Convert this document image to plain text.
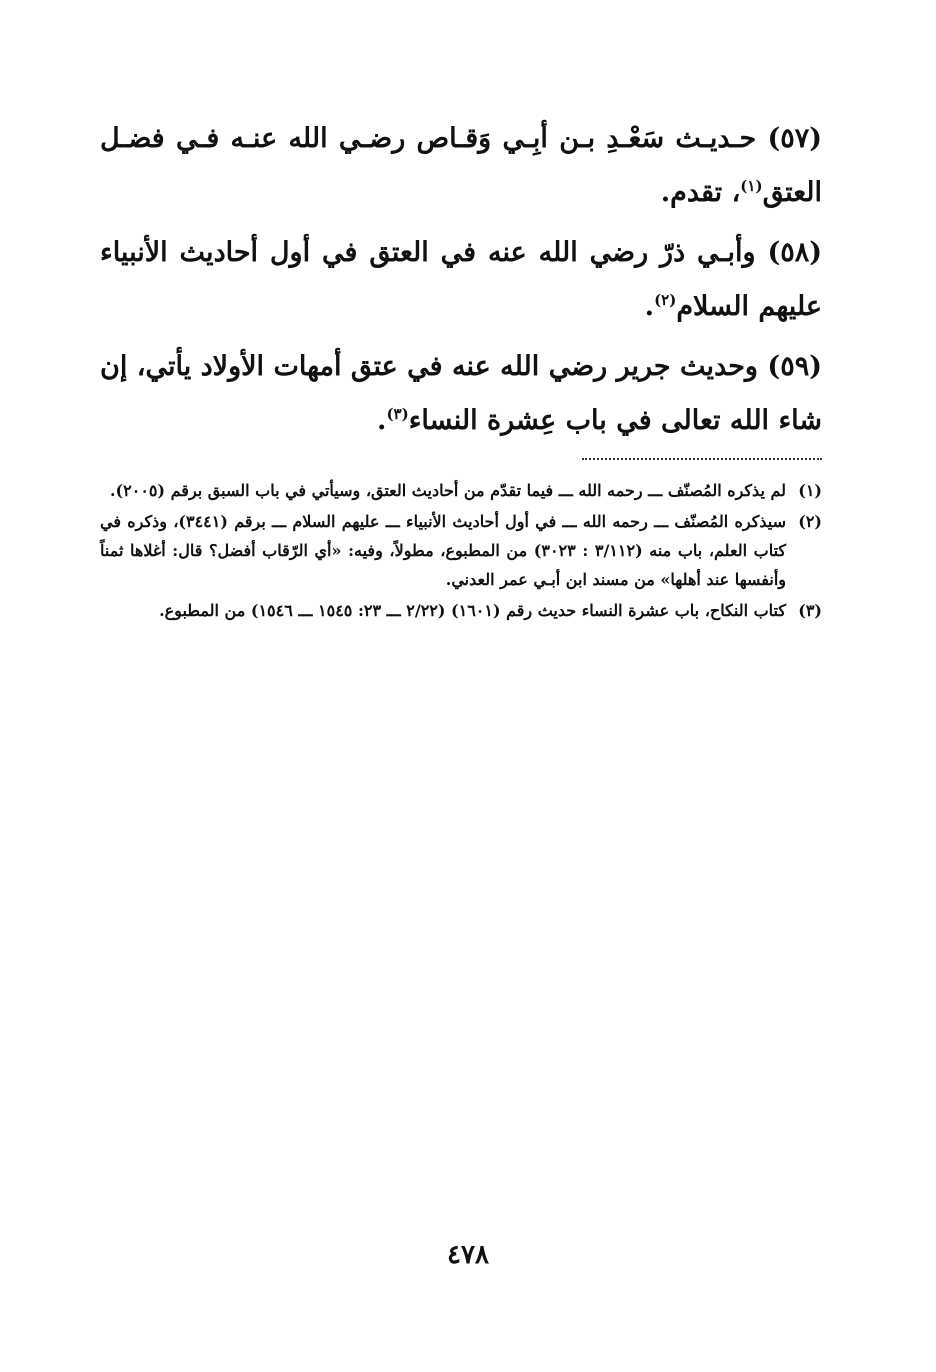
(٥٧) حـديـث سَعْـدِ بـن أبِـي وَقـاص رضـي الله عنـه فـي فضـل العتق$^{(١)}$، تقدم.

(٥٨) وأبـي ذرّ رضي الله عنه في العتق في أول أحاديث الأنبياء عليهم السلام$^{(٢)}$.

(٥٩) وحديث جرير رضي الله عنه في عتق أمهات الأولاد يأتي، إن شاء الله تعالى في باب عِشرة النساء$^{(٣)}$.

(١)
لم يذكره المُصنّف ـــ رحمه الله ـــ فيما تقدّم من أحاديث العتق، وسيأتي في باب السبق برقم (٢٠٠٥).
(٢)
سيذكره المُصنّف ـــ رحمه الله ـــ في أول أحاديث الأنبياء ـــ عليهم السلام ـــ برقم (٣٤٤١)، وذكره في كتاب العلم، باب منه (٣/١١٢ : ٣٠٢٣) من المطبوع، مطولاً، وفيه: «أي الرّقاب أفضل؟ قال: أغلاها ثمناً وأنفسها عند أهلها» من مسند ابن أبـي عمر العدني.
(٣)
كتاب النكاح، باب عشرة النساء حديث رقم (١٦٠١) (٢/٢٢ ـــ ٢٣: ١٥٤٥ ـــ ١٥٤٦) من المطبوع.
٤٧٨
